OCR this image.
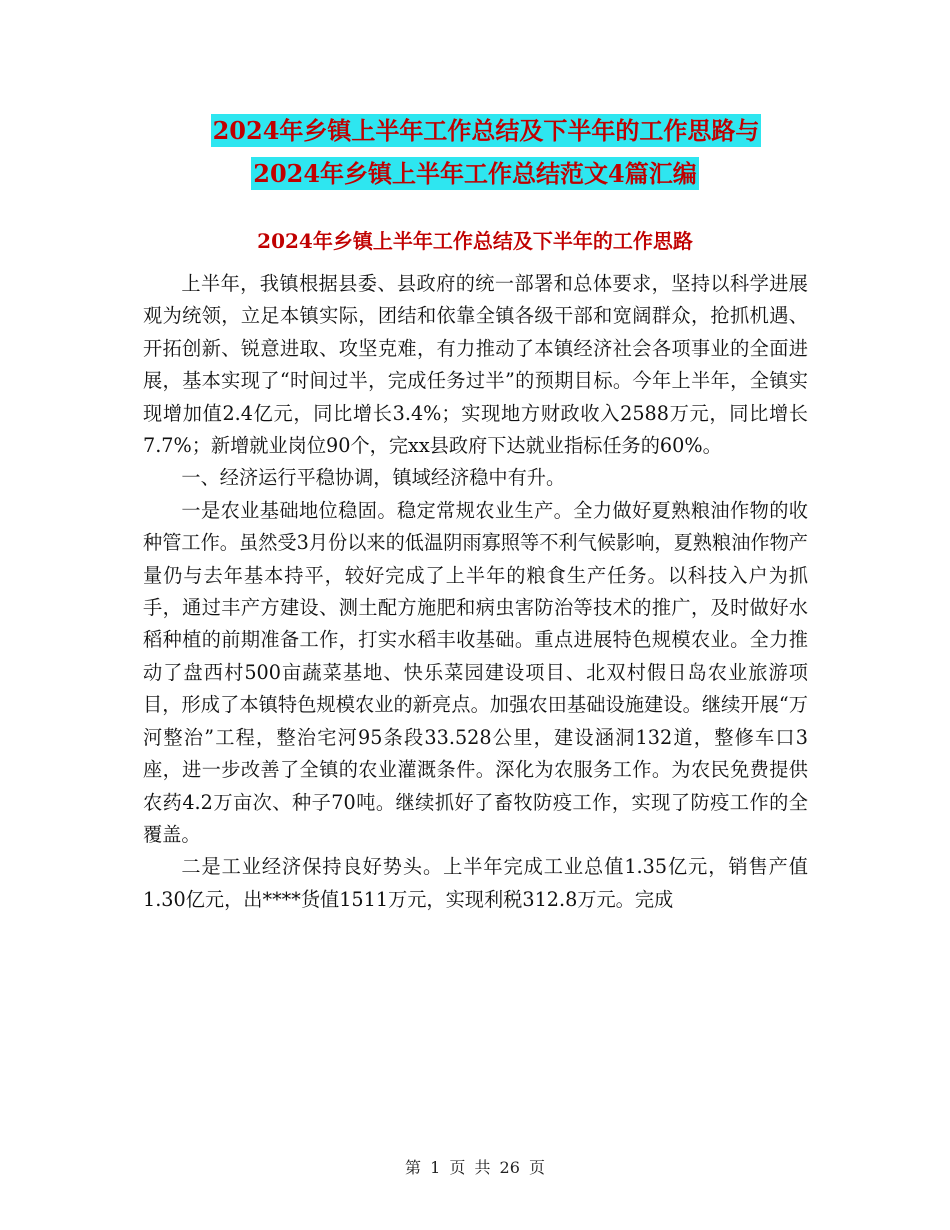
2024年乡镇上半年工作总结及下半年的工作思路与
2024年乡镇上半年工作总结范文4篇汇编
2024年乡镇上半年工作总结及下半年的工作思路

上半年，我镇根据县委、县政府的统一部署和总体要求，坚持以科学进展观为统领，立足本镇实际，团结和依靠全镇各级干部和宽阔群众，抢抓机遇、开拓创新、锐意进取、攻坚克难，有力推动了本镇经济社会各项事业的全面进展，基本实现了“时间过半，完成任务过半”的预期目标。今年上半年，全镇实现增加值2.4亿元，同比增长3.4%；实现地方财政收入2588万元，同比增长7.7%；新增就业岗位90个，完xx县政府下达就业指标任务的60%。

一、经济运行平稳协调，镇域经济稳中有升。

一是农业基础地位稳固。稳定常规农业生产。全力做好夏熟粮油作物的收种管工作。虽然受3月份以来的低温阴雨寡照等不利气候影响，夏熟粮油作物产量仍与去年基本持平，较好完成了上半年的粮食生产任务。以科技入户为抓手，通过丰产方建设、测土配方施肥和病虫害防治等技术的推广，及时做好水稻种植的前期准备工作，打实水稻丰收基础。重点进展特色规模农业。全力推动了盘西村500亩蔬菜基地、快乐菜园建设项目、北双村假日岛农业旅游项目，形成了本镇特色规模农业的新亮点。加强农田基础设施建设。继续开展“万河整治”工程，整治宅河95条段33.528公里，建设涵洞132道，整修车口3座，进一步改善了全镇的农业灌溉条件。深化为农服务工作。为农民免费提供农药4.2万亩次、种子70吨。继续抓好了畜牧防疫工作，实现了防疫工作的全覆盖。

二是工业经济保持良好势头。上半年完成工业总值1.35亿元，销售产值1.30亿元，出****货值1511万元，实现利税312.8万元。完成

第 1 页 共 26 页
